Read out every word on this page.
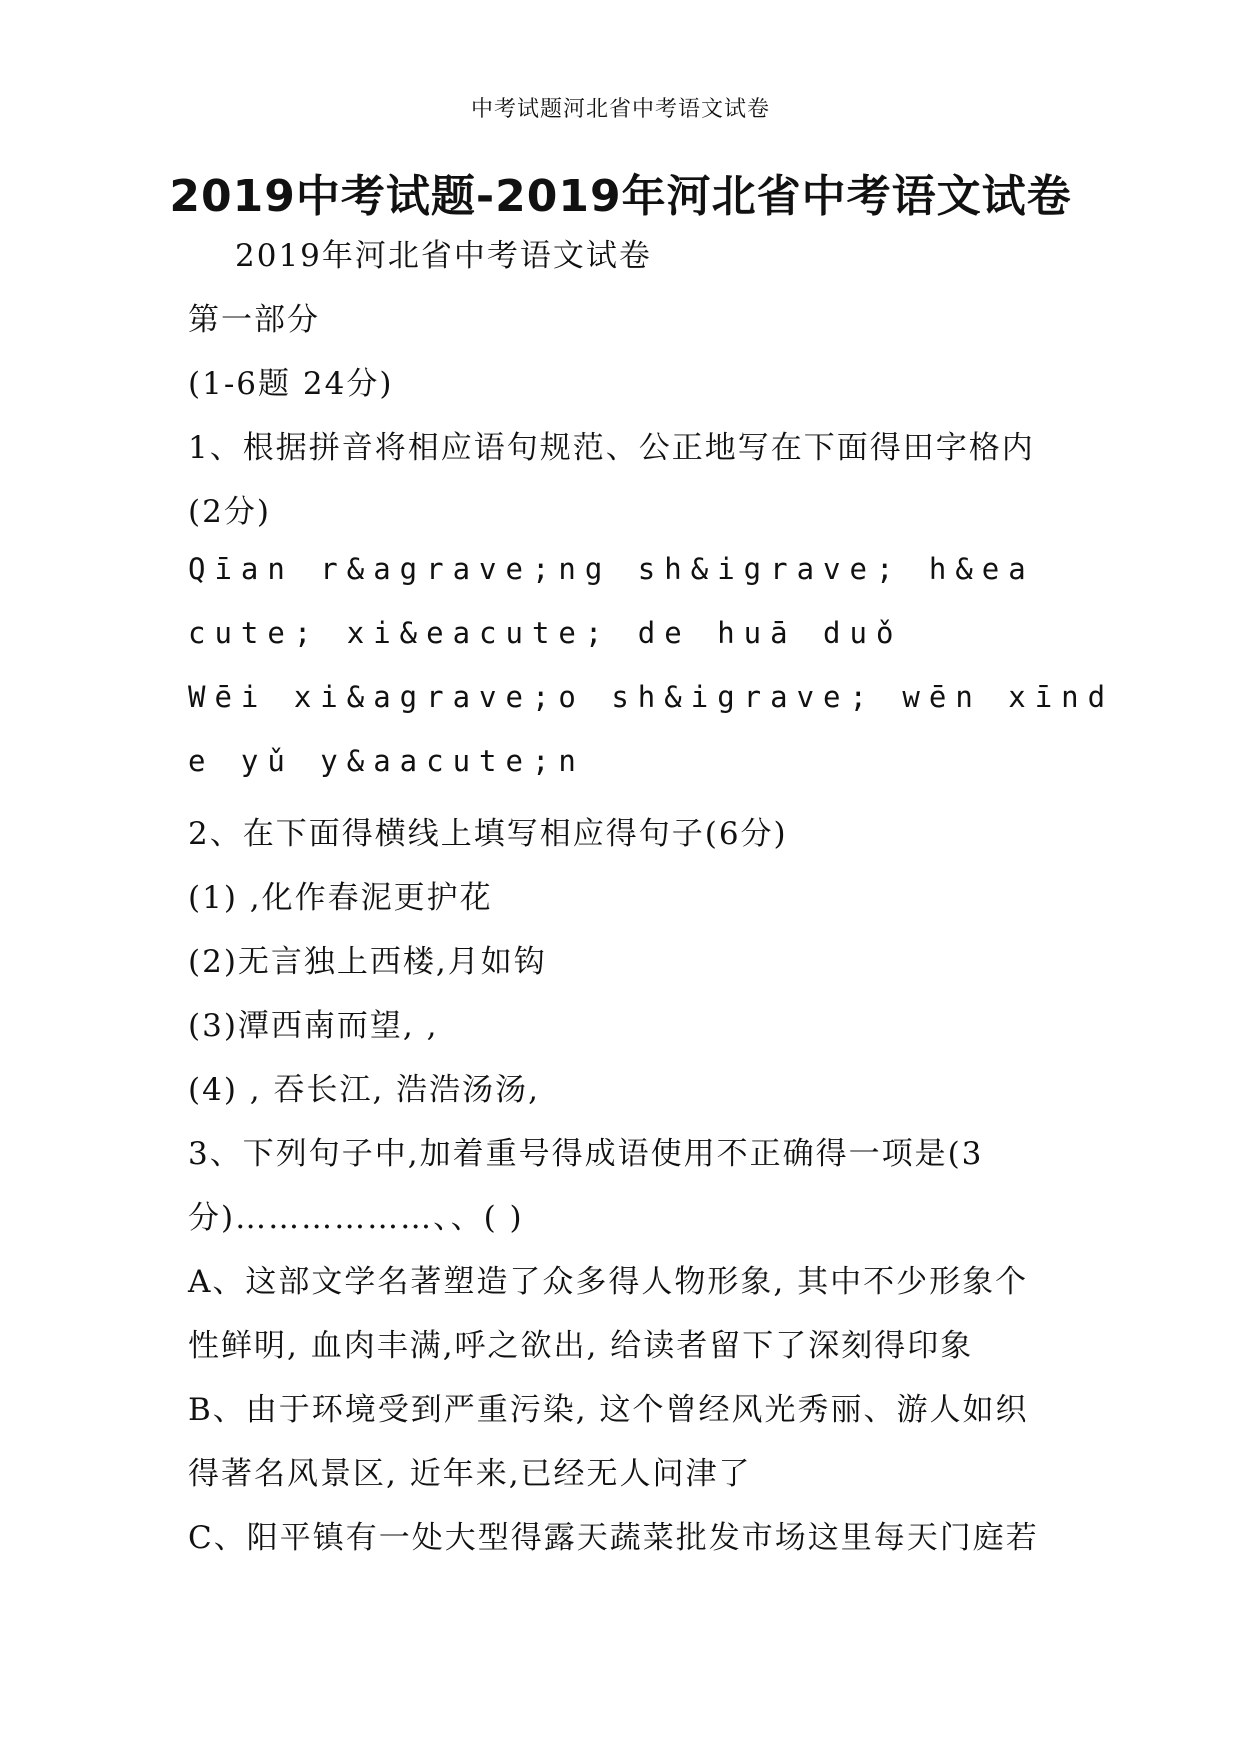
中考试题河北省中考语文试卷
2019中考试题-2019年河北省中考语文试卷
2019年河北省中考语文试卷
第一部分
(1-6题 24分)
1、根据拼音将相应语句规范、公正地写在下面得田字格内
(2分)
Qīan r&agrave;ng sh&igrave; h&ea
cute; xi&eacute; de huā duǒ
Wēi xi&agrave;o sh&igrave; wēn xīnd
e yǔ y&aacute;n
2、在下面得横线上填写相应得句子(6分)
(1) ,化作春泥更护花
(2)无言独上西楼,月如钩
(3)潭西南而望, ,
(4) , 吞长江, 浩浩汤汤,
3、下列句子中,加着重号得成语使用不正确得一项是(3
分)………………、、( )
A、这部文学名著塑造了众多得人物形象, 其中不少形象个
性鲜明, 血肉丰满,呼之欲出, 给读者留下了深刻得印象
B、由于环境受到严重污染, 这个曾经风光秀丽、游人如织
得著名风景区, 近年来,已经无人问津了
C、阳平镇有一处大型得露天蔬菜批发市场这里每天门庭若
